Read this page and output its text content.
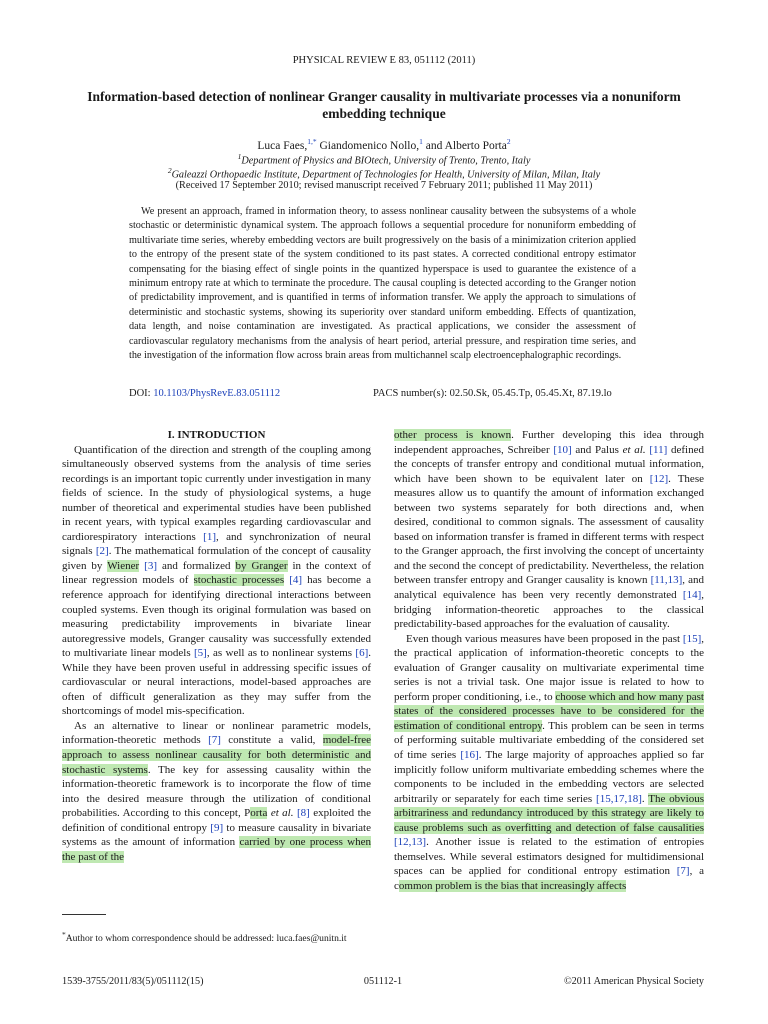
PHYSICAL REVIEW E 83, 051112 (2011)
Information-based detection of nonlinear Granger causality in multivariate processes via a nonuniform embedding technique
Luca Faes,$^{1,*}$ Giandomenico Nollo,$^1$ and Alberto Porta$^2$
$^1$Department of Physics and BIOtech, University of Trento, Trento, Italy
$^2$Galeazzi Orthopaedic Institute, Department of Technologies for Health, University of Milan, Milan, Italy
(Received 17 September 2010; revised manuscript received 7 February 2011; published 11 May 2011)

We present an approach, framed in information theory, to assess nonlinear causality between the subsystems of a whole stochastic or deterministic dynamical system. The approach follows a sequential procedure for nonuniform embedding of multivariate time series, whereby embedding vectors are built progressively on the basis of a minimization criterion applied to the entropy of the present state of the system conditioned to its past states. A corrected conditional entropy estimator compensating for the biasing effect of single points in the quantized hyperspace is used to guarantee the existence of a minimum entropy rate at which to terminate the procedure. The causal coupling is detected according to the Granger notion of predictability improvement, and is quantified in terms of information transfer. We apply the approach to simulations of deterministic and stochastic systems, showing its superiority over standard uniform embedding. Effects of quantization, data length, and noise contamination are investigated. As practical applications, we consider the assessment of cardiovascular regulatory mechanisms from the analysis of heart period, arterial pressure, and respiration time series, and the investigation of the information flow across brain areas from multichannel scalp electroencephalographic recordings.

DOI: 10.1103/PhysRevE.83.051112	PACS number(s): 02.50.Sk, 05.45.Tp, 05.45.Xt, 87.19.lo

I. INTRODUCTION

Quantification of the direction and strength of the coupling among simultaneously observed systems from the analysis of time series recordings is an important topic currently under investigation in many fields of science. In the study of physiological systems, a huge number of theoretical and experimental studies have been published in recent years, with typical examples regarding cardiovascular and cardiorespiratory interactions [1], and synchronization of neural signals [2]. The mathematical formulation of the concept of causality given by Wiener [3] and formalized by Granger in the context of linear regression models of stochastic processes [4] has become a reference approach for identifying directional interactions between coupled systems. Even though its original formulation was based on measuring predictability improvements in bivariate linear autoregressive models, Granger causality was successfully extended to multivariate linear models [5], as well as to nonlinear systems [6]. While they have been proven useful in addressing specific issues of cardiovascular or neural interactions, model-based approaches are often of difficult generalization as they may suffer from the shortcomings of model mis-specification.

As an alternative to linear or nonlinear parametric models, information-theoretic methods [7] constitute a valid, model-free approach to assess nonlinear causality for both deterministic and stochastic systems. The key for assessing causality within the information-theoretic framework is to incorporate the flow of time into the desired measure through the utilization of conditional probabilities. According to this concept, Porta et al. [8] exploited the definition of conditional entropy [9] to measure causality in bivariate systems as the amount of information carried by one process when the past of the

other process is known. Further developing this idea through independent approaches, Schreiber [10] and Palus et al. [11] defined the concepts of transfer entropy and conditional mutual information, which have been shown to be equivalent later on [12]. These measures allow us to quantify the amount of information exchanged between two systems separately for both directions and, when desired, conditional to common signals. The assessment of causality based on information transfer is framed in different terms with respect to the Granger approach, the first involving the concept of uncertainty and the second the concept of predictability. Nevertheless, the relation between transfer entropy and Granger causality is known [11,13], and analytical equivalence has been very recently demonstrated [14], bridging information-theoretic approaches to the classical predictability-based approaches for the evaluation of causality.

Even though various measures have been proposed in the past [15], the practical application of information-theoretic concepts to the evaluation of Granger causality on multivariate experimental time series is not a trivial task. One major issue is related to how to perform proper conditioning, i.e., to choose which and how many past states of the considered processes have to be considered for the estimation of conditional entropy. This problem can be seen in terms of performing suitable multivariate embedding of the considered set of time series [16]. The large majority of approaches applied so far implicitly follow uniform multivariate embedding schemes where the components to be included in the embedding vectors are selected arbitrarily or separately for each time series [15,17,18]. The obvious arbitrariness and redundancy introduced by this strategy are likely to cause problems such as overfitting and detection of false causalities [12,13]. Another issue is related to the estimation of entropies themselves. While several estimators designed for multidimensional spaces can be applied for conditional entropy estimation [7], a common problem is the bias that increasingly affects

*Author to whom correspondence should be addressed: luca.faes@unitn.it
1539-3755/2011/83(5)/051112(15)	051112-1	©2011 American Physical Society
